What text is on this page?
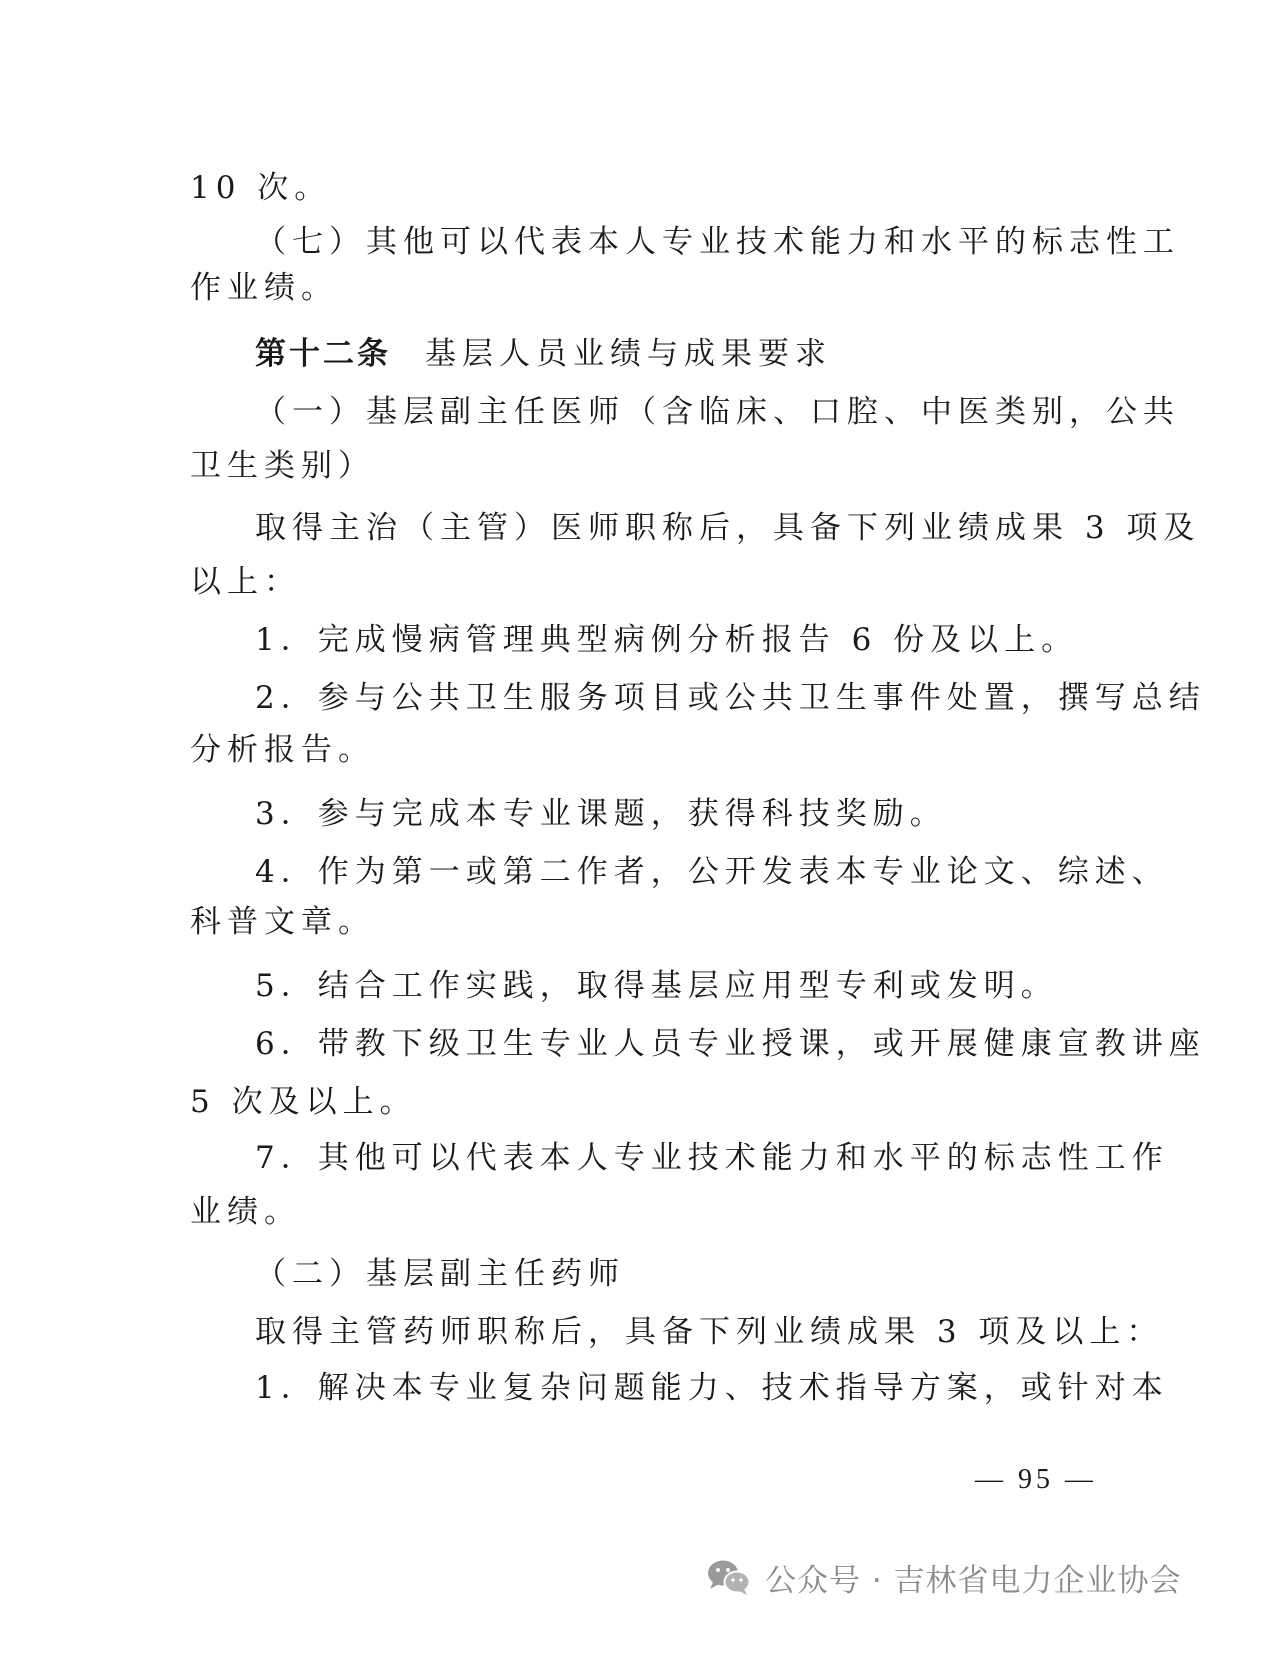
10 次。
（七）其他可以代表本人专业技术能力和水平的标志性工
作业绩。
第十二条 基层人员业绩与成果要求
（一）基层副主任医师（含临床、口腔、中医类别，公共
卫生类别）
取得主治（主管）医师职称后，具备下列业绩成果 3 项及
以上：
1．完成慢病管理典型病例分析报告 6 份及以上。
2．参与公共卫生服务项目或公共卫生事件处置，撰写总结
分析报告。
3．参与完成本专业课题，获得科技奖励。
4．作为第一或第二作者，公开发表本专业论文、综述、
科普文章。
5．结合工作实践，取得基层应用型专利或发明。
6．带教下级卫生专业人员专业授课，或开展健康宣教讲座
5 次及以上。
7．其他可以代表本人专业技术能力和水平的标志性工作
业绩。
（二）基层副主任药师
取得主管药师职称后，具备下列业绩成果 3 项及以上：
1．解决本专业复杂问题能力、技术指导方案，或针对本
— 95 —
公众号 · 吉林省电力企业协会
